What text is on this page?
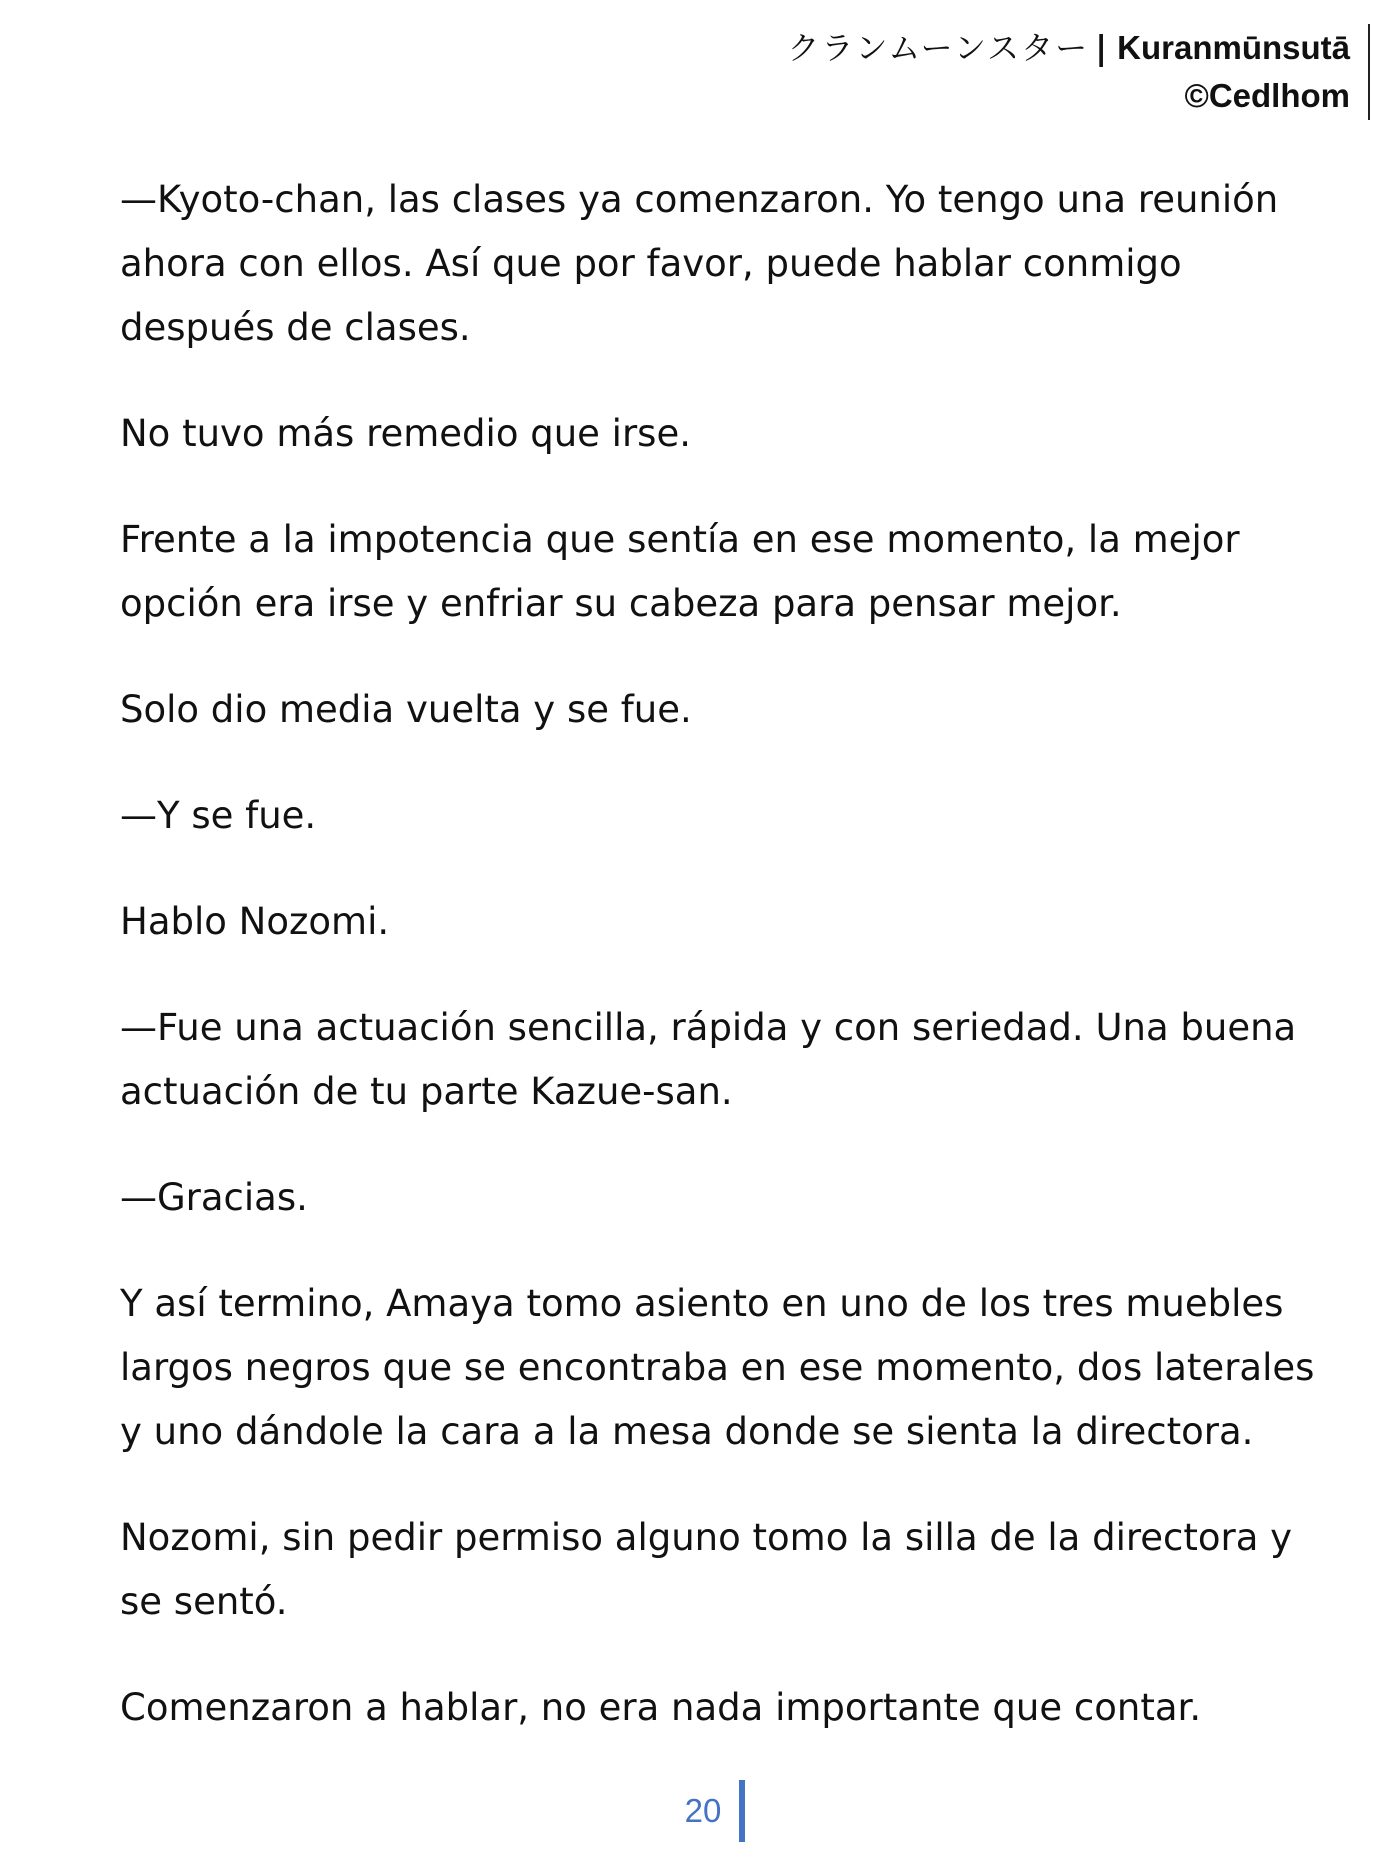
クランムーンスター | Kuranmūnsutā
©Cedlhom

—Kyoto-chan, las clases ya comenzaron. Yo tengo una reunión
ahora con ellos. Así que por favor, puede hablar conmigo
después de clases.

No tuvo más remedio que irse.

Frente a la impotencia que sentía en ese momento, la mejor
opción era irse y enfriar su cabeza para pensar mejor.

Solo dio media vuelta y se fue.

—Y se fue.

Hablo Nozomi.

—Fue una actuación sencilla, rápida y con seriedad. Una buena
actuación de tu parte Kazue-san.

—Gracias.

Y así termino, Amaya tomo asiento en uno de los tres muebles
largos negros que se encontraba en ese momento, dos laterales
y uno dándole la cara a la mesa donde se sienta la directora.

Nozomi, sin pedir permiso alguno tomo la silla de la directora y
se sentó.

Comenzaron a hablar, no era nada importante que contar.

20
